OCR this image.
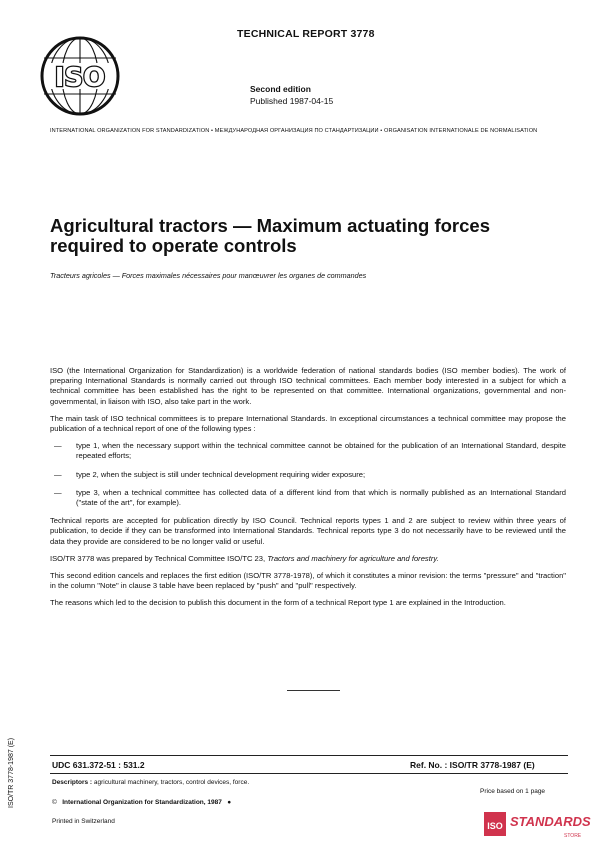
ISO
TECHNICAL REPORT 3778
Second edition
Published 1987-04-15
INTERNATIONAL ORGANIZATION FOR STANDARDIZATION • МЕЖДУНАРОДНАЯ ОРГАНИЗАЦИЯ ПО СТАНДАРТИЗАЦИИ • ORGANISATION INTERNATIONALE DE NORMALISATION
Agricultural tractors — Maximum actuating forces required to operate controls
Tracteurs agricoles — Forces maximales nécessaires pour manœuvrer les organes de commandes

ISO (the International Organization for Standardization) is a worldwide federation of national standards bodies (ISO member bodies). The work of preparing International Standards is normally carried out through ISO technical committees. Each member body interested in a subject for which a technical committee has been established has the right to be represented on that committee. International organizations, governmental and non-governmental, in liaison with ISO, also take part in the work.

The main task of ISO technical committees is to prepare International Standards. In exceptional circumstances a technical committee may propose the publication of a technical report of one of the following types :

—	type 1, when the necessary support within the technical committee cannot be obtained for the publication of an International Standard, despite repeated efforts;
—	type 2, when the subject is still under technical development requiring wider exposure;
—	type 3, when a technical committee has collected data of a different kind from that which is normally published as an International Standard ("state of the art", for example).

Technical reports are accepted for publication directly by ISO Council. Technical reports types 1 and 2 are subject to review within three years of publication, to decide if they can be transformed into International Standards. Technical reports type 3 do not necessarily have to be reviewed until the data they provide are considered to be no longer valid or useful.

ISO/TR 3778 was prepared by Technical Committee ISO/TC 23, Tractors and machinery for agriculture and forestry.

This second edition cancels and replaces the first edition (ISO/TR 3778-1978), of which it constitutes a minor revision: the terms "pressure" and "traction" in the column "Note" in clause 3 table have been replaced by "push" and "pull" respectively.

The reasons which led to the decision to publish this document in the form of a technical Report type 1 are explained in the Introduction.

UDC 631.372-51 : 531.2	Ref. No. : ISO/TR 3778-1987 (E)
Descriptors : agricultural machinery, tractors, control devices, force.
© International Organization for Standardization, 1987 ●
Printed in Switzerland
Price based on 1 page
ISO/TR 3778-1987 (E)
ISO STANDARDS
STORE
